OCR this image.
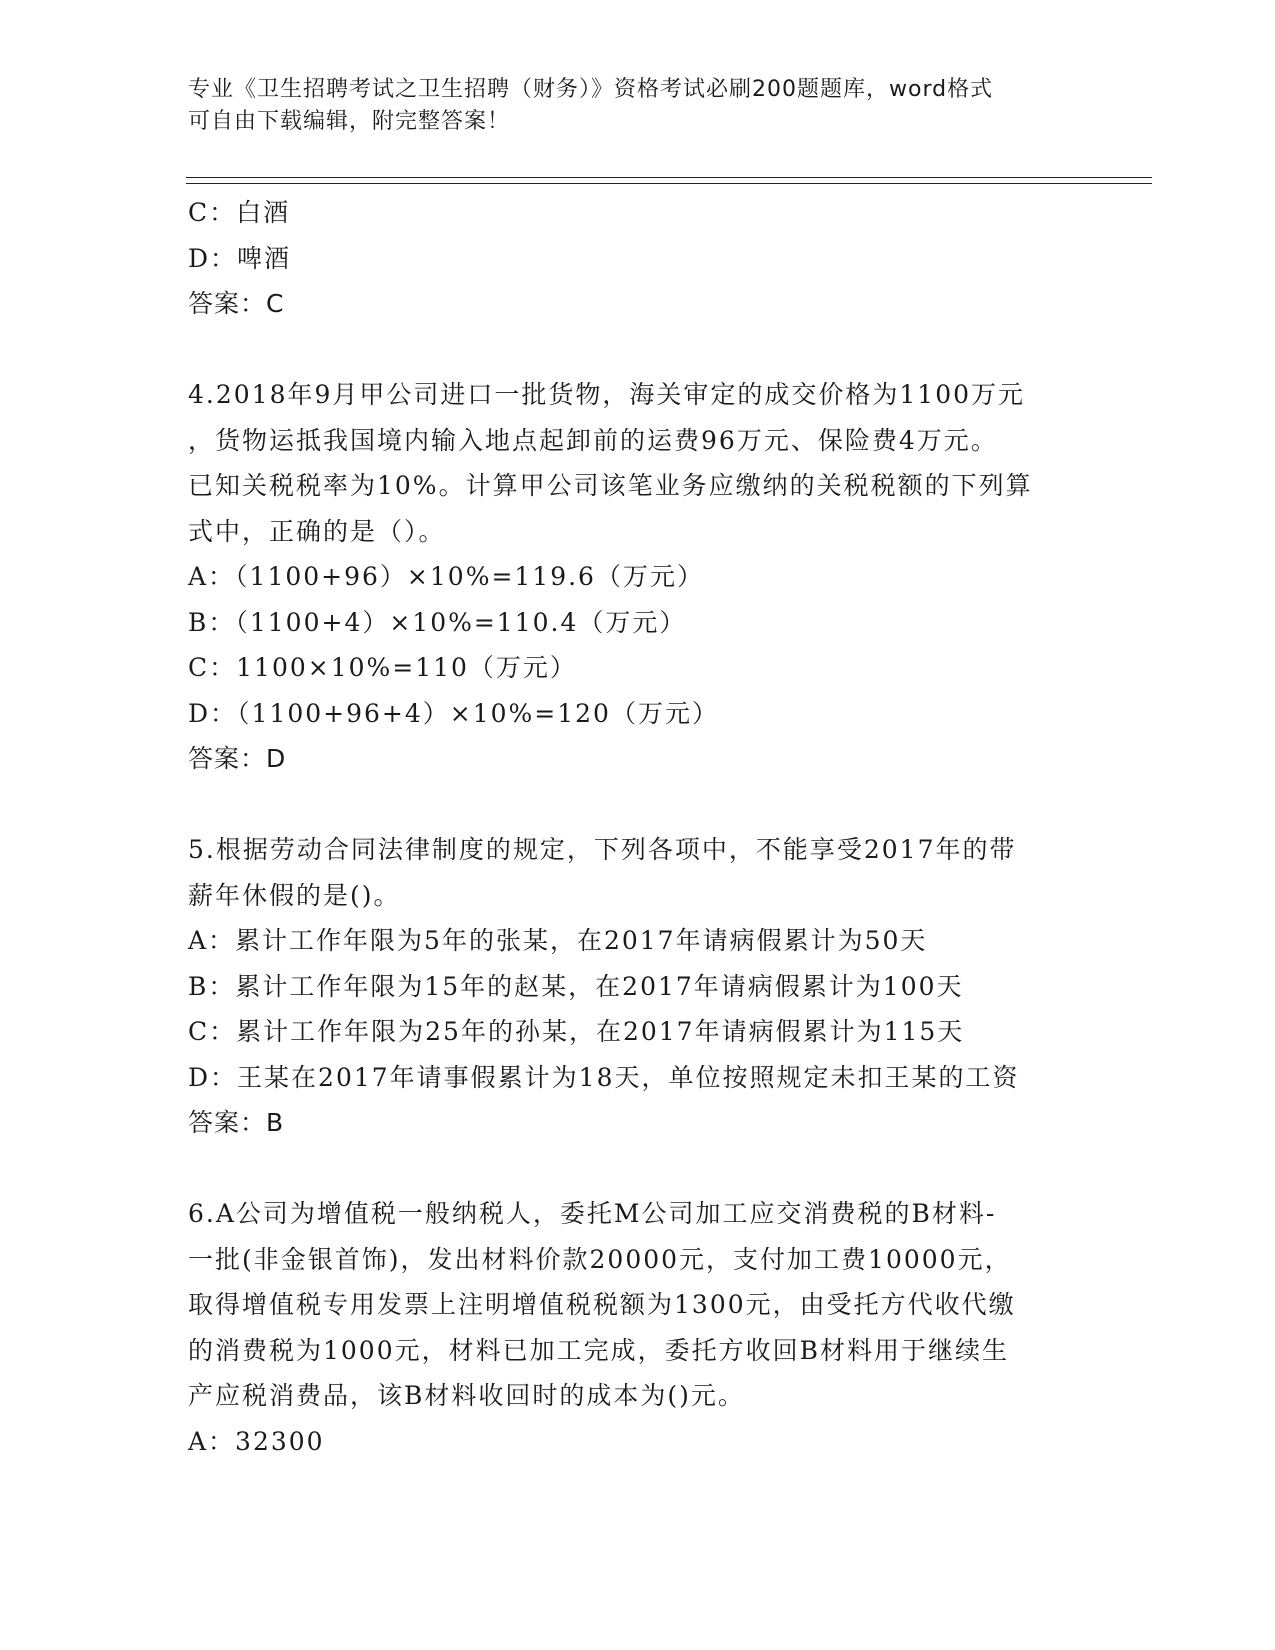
专业《卫生招聘考试之卫生招聘（财务）》资格考试必刷200题题库，word格式
可自由下载编辑，附完整答案！
C：白酒
D：啤酒
答案：C
4.2018年9月甲公司进口一批货物，海关审定的成交价格为1100万元
，货物运抵我国境内输入地点起卸前的运费96万元、保险费4万元。
已知关税税率为10%。计算甲公司该笔业务应缴纳的关税税额的下列算
式中，正确的是（）。
A：（1100+96）×10%=119.6（万元）
B：（1100+4）×10%=110.4（万元）
C：1100×10%=110（万元）
D：（1100+96+4）×10%=120（万元）
答案：D
5.根据劳动合同法律制度的规定，下列各项中，不能享受2017年的带
薪年休假的是()。
A：累计工作年限为5年的张某，在2017年请病假累计为50天
B：累计工作年限为15年的赵某，在2017年请病假累计为100天
C：累计工作年限为25年的孙某，在2017年请病假累计为115天
D：王某在2017年请事假累计为18天，单位按照规定未扣王某的工资
答案：B
6.A公司为增值税一般纳税人，委托M公司加工应交消费税的B材料-
一批(非金银首饰)，发出材料价款20000元，支付加工费10000元，
取得增值税专用发票上注明增值税税额为1300元，由受托方代收代缴
的消费税为1000元，材料已加工完成，委托方收回B材料用于继续生
产应税消费品，该B材料收回时的成本为()元。
A：32300
